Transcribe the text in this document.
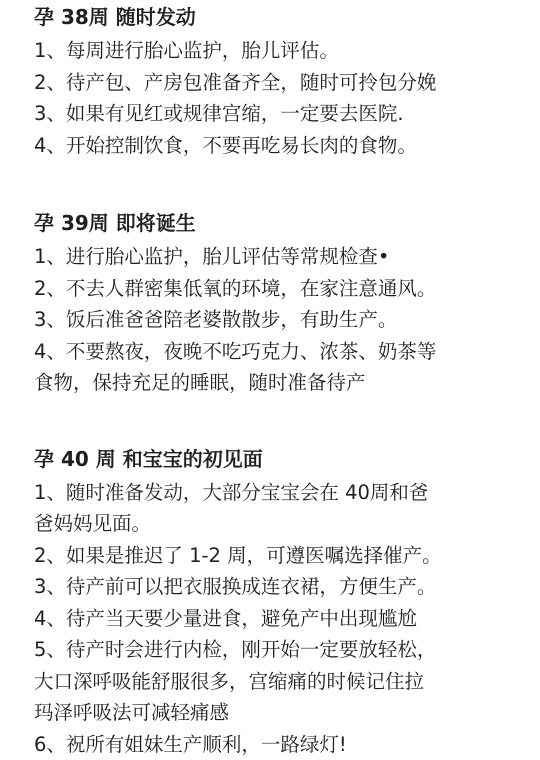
孕 38周 随时发动
1、每周进行胎心监护，胎儿评估。
2、待产包、产房包准备齐全，随时可拎包分娩
3、如果有见红或规律宫缩，一定要去医院.
4、开始控制饮食，不要再吃易长肉的食物。
孕 39周 即将诞生
1、进行胎心监护，胎儿评估等常规检查•
2、不去人群密集低氧的环境，在家注意通风。
3、饭后准爸爸陪老婆散散步，有助生产。
4、不要熬夜，夜晚不吃巧克力、浓茶、奶茶等
食物，保持充足的睡眠，随时准备待产
孕 40 周 和宝宝的初见面
1、随时准备发动，大部分宝宝会在 40周和爸
爸妈妈见面。
2、如果是推迟了 1-2 周，可遵医嘱选择催产。
3、待产前可以把衣服换成连衣裙，方便生产。
4、待产当天要少量进食，避免产中出现尴尬
5、待产时会进行内检，刚开始一定要放轻松，
大口深呼吸能舒服很多，宫缩痛的时候记住拉
玛泽呼吸法可减轻痛感
6、祝所有姐妹生产顺利，一路绿灯!
